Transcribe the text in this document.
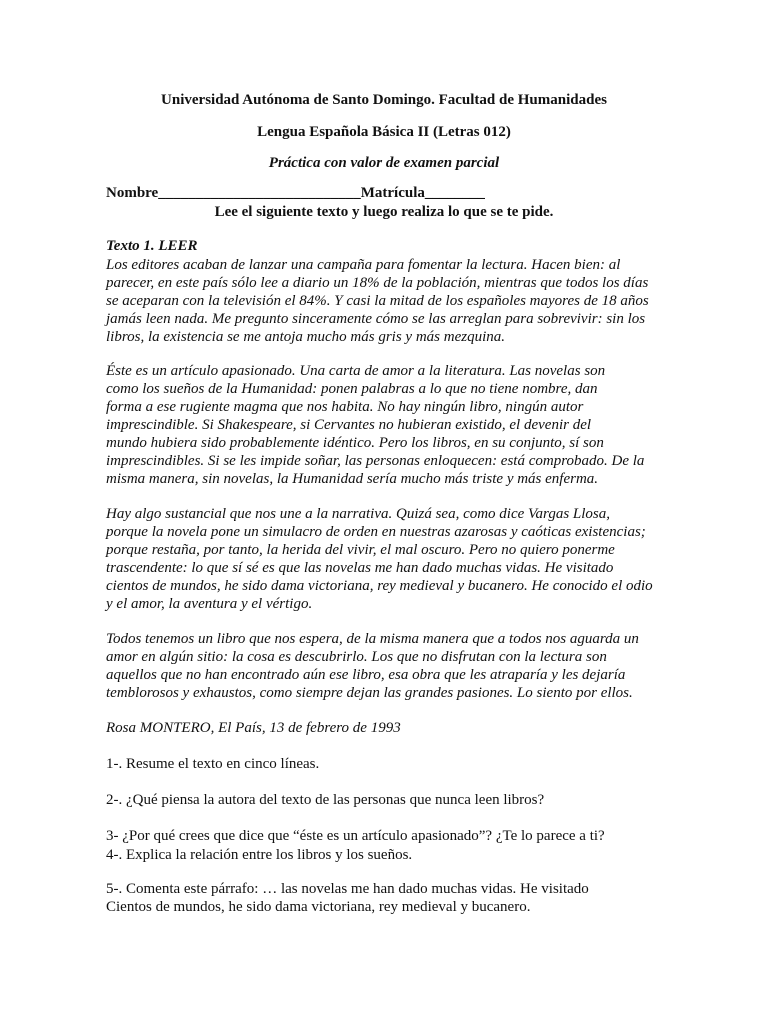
Universidad Autónoma de Santo Domingo. Facultad de Humanidades
Lengua Española Básica II (Letras 012)
Práctica con valor de examen parcial
Nombre___________________________Matrícula________
Lee el siguiente texto y luego realiza lo que se te pide.
Texto 1. LEER
Los editores acaban de lanzar una campaña para fomentar la lectura. Hacen bien: al
parecer, en este país sólo lee a diario un 18% de la población, mientras que todos los días
se aceparan con la televisión el 84%. Y casi la mitad de los españoles mayores de 18 años
jamás leen nada. Me pregunto sinceramente cómo se las arreglan para sobrevivir: sin los
libros, la existencia se me antoja mucho más gris y más mezquina.
Éste es un artículo apasionado. Una carta de amor a la literatura. Las novelas son
como los sueños de la Humanidad: ponen palabras a lo que no tiene nombre, dan
forma a ese rugiente magma que nos habita. No hay ningún libro, ningún autor
imprescindible. Si Shakespeare, si Cervantes no hubieran existido, el devenir del
mundo hubiera sido probablemente idéntico. Pero los libros, en su conjunto, sí son
imprescindibles. Si se les impide soñar, las personas enloquecen: está comprobado. De la
misma manera, sin novelas, la Humanidad sería mucho más triste y más enferma.
Hay algo sustancial que nos une a la narrativa. Quizá sea, como dice Vargas Llosa,
porque la novela pone un simulacro de orden en nuestras azarosas y caóticas existencias;
porque restaña, por tanto, la herida del vivir, el mal oscuro. Pero no quiero ponerme
trascendente: lo que sí sé es que las novelas me han dado muchas vidas. He visitado
cientos de mundos, he sido dama victoriana, rey medieval y bucanero. He conocido el odio
y el amor, la aventura y el vértigo.
Todos tenemos un libro que nos espera, de la misma manera que a todos nos aguarda un
amor en algún sitio: la cosa es descubrirlo. Los que no disfrutan con la lectura son
aquellos que no han encontrado aún ese libro, esa obra que les atraparía y les dejaría
temblorosos y exhaustos, como siempre dejan las grandes pasiones. Lo siento por ellos.
Rosa MONTERO, El País, 13 de febrero de 1993
1-. Resume el texto en cinco líneas.
2-. ¿Qué piensa la autora del texto de las personas que nunca leen libros?
3- ¿Por qué crees que dice que “éste es un artículo apasionado”? ¿Te lo parece a ti?
4-. Explica la relación entre los libros y los sueños.
5-. Comenta este párrafo: … las novelas me han dado muchas vidas. He visitado
Cientos de mundos, he sido dama victoriana, rey medieval y bucanero.
